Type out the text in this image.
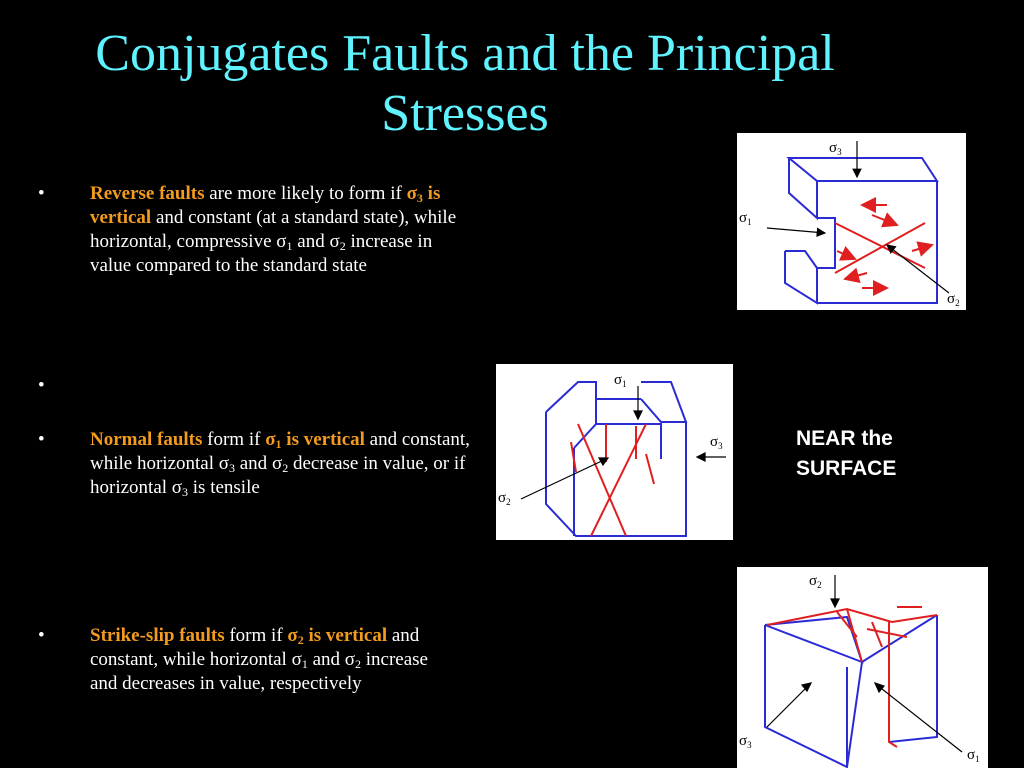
Conjugates Faults and the Principal
Stresses
• Reverse faults are more likely to form if $\sigma_3$ is vertical and constant (at a standard state), while horizontal, compressive $\sigma_1$ and $\sigma_2$ increase in value compared to the standard state
•
• Normal faults form if $\sigma_1$ is vertical and constant, while horizontal $\sigma_3$ and $\sigma_2$ decrease in value, or if horizontal $\sigma_3$ is tensile
• Strike-slip faults form if $\sigma_2$ is vertical and constant, while horizontal $\sigma_1$ and $\sigma_2$ increase and decreases in value, respectively
NEAR the
SURFACE
$\sigma_3$
$\sigma_1$
$\sigma_2$
$\sigma_1$
$\sigma_3$
$\sigma_2$
$\sigma_2$
$\sigma_3$
$\sigma_1$
